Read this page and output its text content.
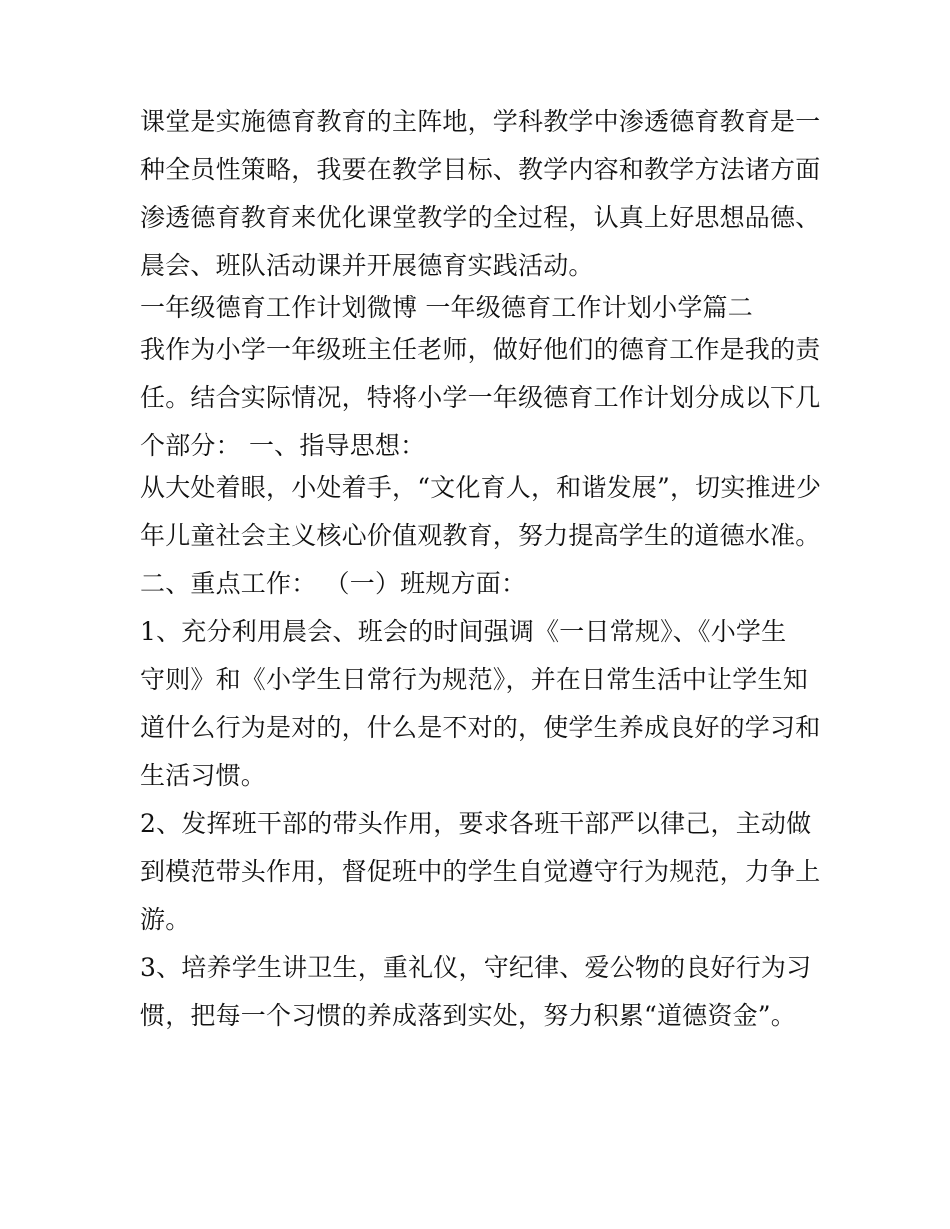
课堂是实施德育教育的主阵地，学科教学中渗透德育教育是一
种全员性策略，我要在教学目标、教学内容和教学方法诸方面
渗透德育教育来优化课堂教学的全过程，认真上好思想品德、
晨会、班队活动课并开展德育实践活动。
一年级德育工作计划微博 一年级德育工作计划小学篇二
我作为小学一年级班主任老师，做好他们的德育工作是我的责
任。结合实际情况，特将小学一年级德育工作计划分成以下几
个部分： 一、指导思想：
从大处着眼，小处着手，“文化育人，和谐发展”，切实推进少
年儿童社会主义核心价值观教育，努力提高学生的道德水准。
二、重点工作： （一）班规方面：
1、充分利用晨会、班会的时间强调《一日常规》、《小学生
守则》和《小学生日常行为规范》，并在日常生活中让学生知
道什么行为是对的，什么是不对的，使学生养成良好的学习和
生活习惯。
2、发挥班干部的带头作用，要求各班干部严以律己，主动做
到模范带头作用，督促班中的学生自觉遵守行为规范，力争上
游。
3、培养学生讲卫生，重礼仪，守纪律、爱公物的良好行为习
惯，把每一个习惯的养成落到实处，努力积累“道德资金”。
